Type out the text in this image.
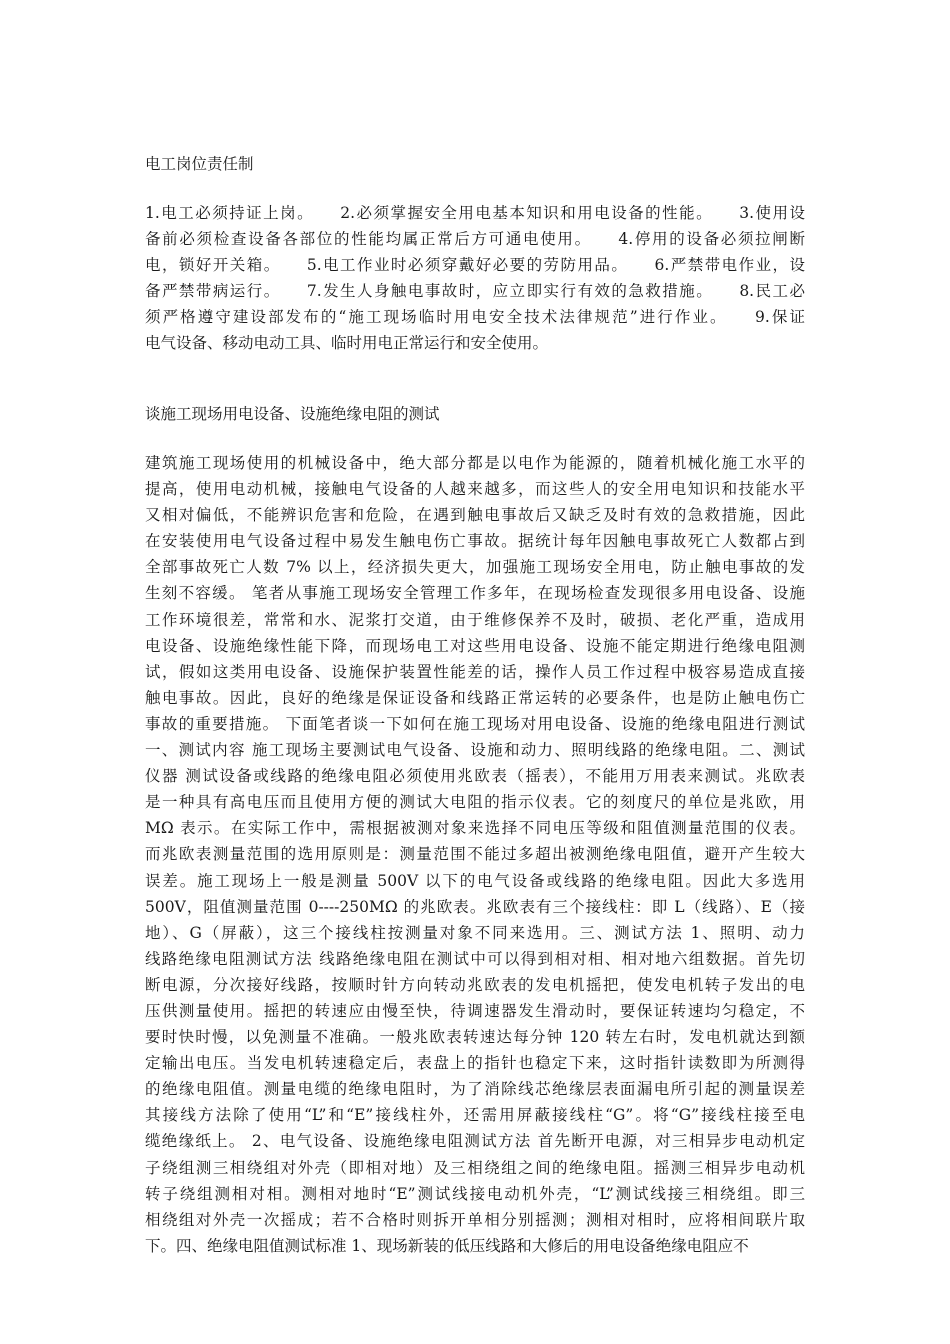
电工岗位责任制
1.电工必须持证上岗。　　2.必须掌握安全用电基本知识和用电设备的性能。　　3.使用设
备前必须检查设备各部位的性能均属正常后方可通电使用。　　4.停用的设备必须拉闸断
电，锁好开关箱。　　5.电工作业时必须穿戴好必要的劳防用品。　　6.严禁带电作业，设
备严禁带病运行。　　7.发生人身触电事故时，应立即实行有效的急救措施。　　8.民工必
须严格遵守建设部发布的“施工现场临时用电安全技术法律规范”进行作业。　　9.保证
电气设备、移动电动工具、临时用电正常运行和安全使用。
谈施工现场用电设备、设施绝缘电阻的测试
建筑施工现场使用的机械设备中，绝大部分都是以电作为能源的，随着机械化施工水平的
提高，使用电动机械，接触电气设备的人越来越多，而这些人的安全用电知识和技能水平
又相对偏低，不能辨识危害和危险，在遇到触电事故后又缺乏及时有效的急救措施，因此
在安装使用电气设备过程中易发生触电伤亡事故。据统计每年因触电事故死亡人数都占到
全部事故死亡人数 7% 以上，经济损失更大，加强施工现场安全用电，防止触电事故的发
生刻不容缓。 笔者从事施工现场安全管理工作多年，在现场检查发现很多用电设备、设施
工作环境很差，常常和水、泥浆打交道，由于维修保养不及时，破损、老化严重，造成用
电设备、设施绝缘性能下降，而现场电工对这些用电设备、设施不能定期进行绝缘电阻测
试，假如这类用电设备、设施保护装置性能差的话，操作人员工作过程中极容易造成直接
触电事故。因此，良好的绝缘是保证设备和线路正常运转的必要条件，也是防止触电伤亡
事故的重要措施。 下面笔者谈一下如何在施工现场对用电设备、设施的绝缘电阻进行测试
一、测试内容 施工现场主要测试电气设备、设施和动力、照明线路的绝缘电阻。二、测试
仪器 测试设备或线路的绝缘电阻必须使用兆欧表（摇表），不能用万用表来测试。兆欧表
是一种具有高电压而且使用方便的测试大电阻的指示仪表。它的刻度尺的单位是兆欧，用
MΩ 表示。在实际工作中，需根据被测对象来选择不同电压等级和阻值测量范围的仪表。
而兆欧表测量范围的选用原则是：测量范围不能过多超出被测绝缘电阻值，避开产生较大
误差。施工现场上一般是测量 500V 以下的电气设备或线路的绝缘电阻。因此大多选用
500V，阻值测量范围 0----250MΩ 的兆欧表。兆欧表有三个接线柱：即 L（线路）、E（接
地）、G（屏蔽），这三个接线柱按测量对象不同来选用。三、测试方法 1、照明、动力
线路绝缘电阻测试方法 线路绝缘电阻在测试中可以得到相对相、相对地六组数据。首先切
断电源，分次接好线路，按顺时针方向转动兆欧表的发电机摇把，使发电机转子发出的电
压供测量使用。摇把的转速应由慢至快，待调速器发生滑动时，要保证转速均匀稳定，不
要时快时慢，以免测量不准确。一般兆欧表转速达每分钟 120 转左右时，发电机就达到额
定输出电压。当发电机转速稳定后，表盘上的指针也稳定下来，这时指针读数即为所测得
的绝缘电阻值。测量电缆的绝缘电阻时，为了消除线芯绝缘层表面漏电所引起的测量误差
其接线方法除了使用“L”和“E”接线柱外，还需用屏蔽接线柱“G”。将“G”接线柱接至电
缆绝缘纸上。 2、电气设备、设施绝缘电阻测试方法 首先断开电源，对三相异步电动机定
子绕组测三相绕组对外壳（即相对地）及三相绕组之间的绝缘电阻。摇测三相异步电动机
转子绕组测相对相。测相对地时“E”测试线接电动机外壳，“L”测试线接三相绕组。即三
相绕组对外壳一次摇成；若不合格时则拆开单相分别摇测；测相对相时，应将相间联片取
下。四、绝缘电阻值测试标准 1、现场新装的低压线路和大修后的用电设备绝缘电阻应不
